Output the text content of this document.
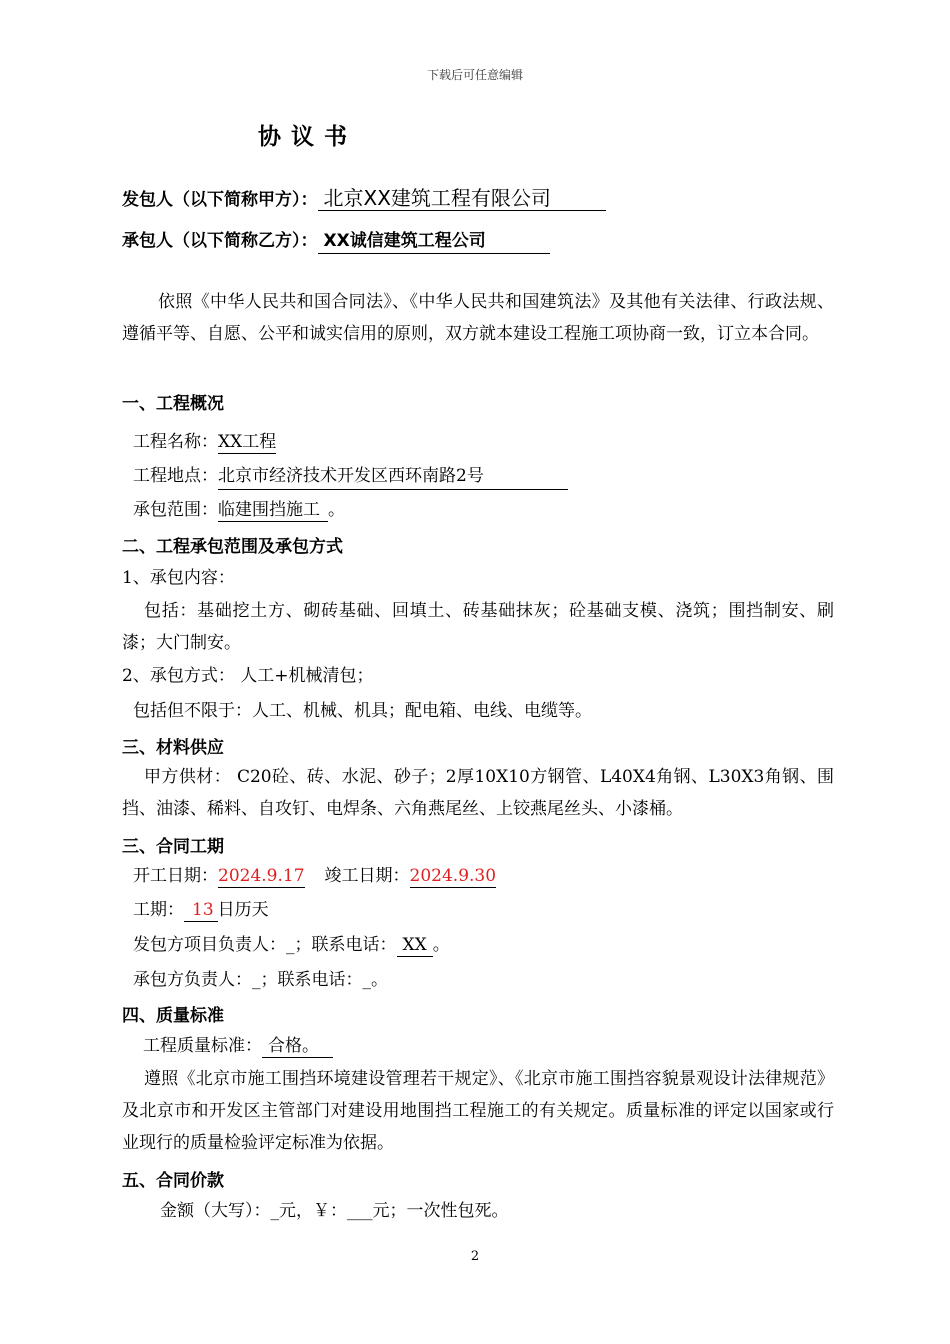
下载后可任意编辑
协议书
发包人（以下简称甲方）： 北京XX建筑工程有限公司
承包人（以下简称乙方）： XX诚信建筑工程公司
依照《中华人民共和国合同法》、《中华人民共和国建筑法》及其他有关法律、行政法规、遵循平等、自愿、公平和诚实信用的原则，双方就本建设工程施工项协商一致，订立本合同。
一、工程概况
工程名称：XX工程
工程地点：北京市经济技术开发区西环南路2号
承包范围：临建围挡施工 。
二、工程承包范围及承包方式
1、承包内容：
包括：基础挖土方、砌砖基础、回填土、砖基础抹灰；砼基础支模、浇筑；围挡制安、刷漆；大门制安。
2、承包方式： 人工+机械清包；
包括但不限于：人工、机械、机具；配电箱、电线、电缆等。
三、材料供应
甲方供材： C20砼、砖、水泥、砂子；2厚10X10方钢管、L40X4角钢、L30X3角钢、围挡、油漆、稀料、自攻钉、电焊条、六角燕尾丝、上铰燕尾丝头、小漆桶。
三、合同工期
开工日期：2024.9.17 竣工日期：2024.9.30
工期： 13 日历天
发包方项目负责人：_；联系电话： XX 。
承包方负责人：_；联系电话：_。
四、质量标准
工程质量标准： 合格。
遵照《北京市施工围挡环境建设管理若干规定》、《北京市施工围挡容貌景观设计法律规范》及北京市和开发区主管部门对建设用地围挡工程施工的有关规定。质量标准的评定以国家或行业现行的质量检验评定标准为依据。
五、合同价款
金额（大写）：_元，￥：___元；一次性包死。
2
